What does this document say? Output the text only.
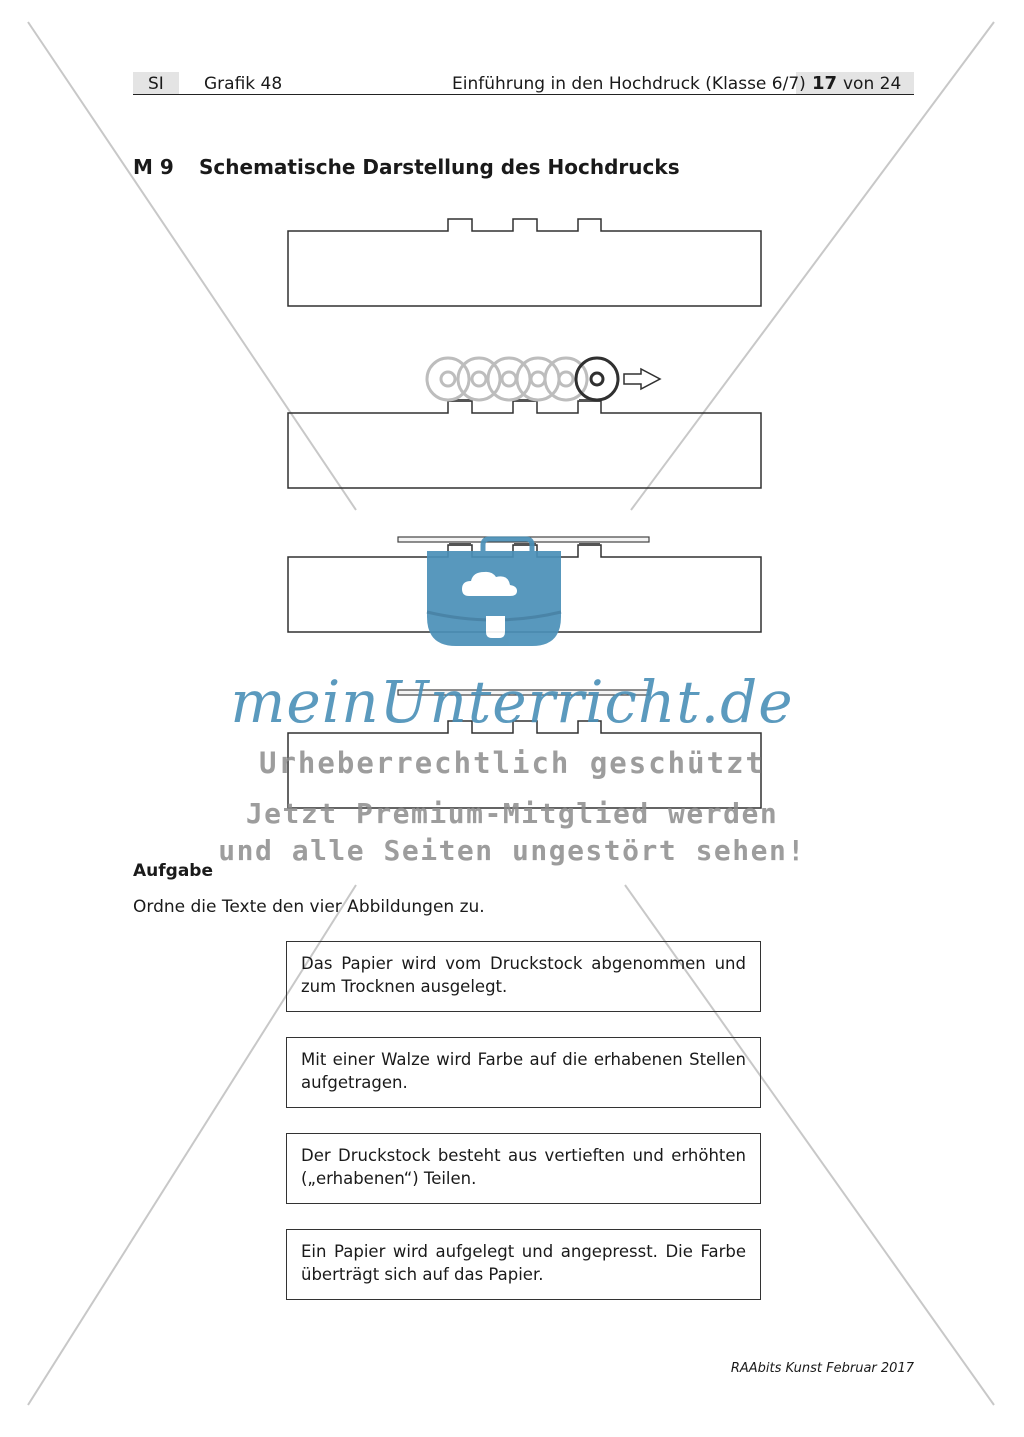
SI Grafik 48	Einführung in den Hochdruck (Klasse 6/7) 17 von 24
M 9 Schematische Darstellung des Hochdrucks
meinUnterricht.de
Urheberrechtlich geschützt
Jetzt Premium-Mitglied werden
und alle Seiten ungestört sehen!
Aufgabe
Ordne die Texte den vier Abbildungen zu.
Das Papier wird vom Druckstock abgenommen und zum Trocknen ausgelegt.
Mit einer Walze wird Farbe auf die erhabenen Stellen aufgetragen.
Der Druckstock besteht aus vertieften und erhöhten („erhabenen“) Teilen.
Ein Papier wird aufgelegt und angepresst. Die Farbe überträgt sich auf das Papier.
RAAbits Kunst Februar 2017
